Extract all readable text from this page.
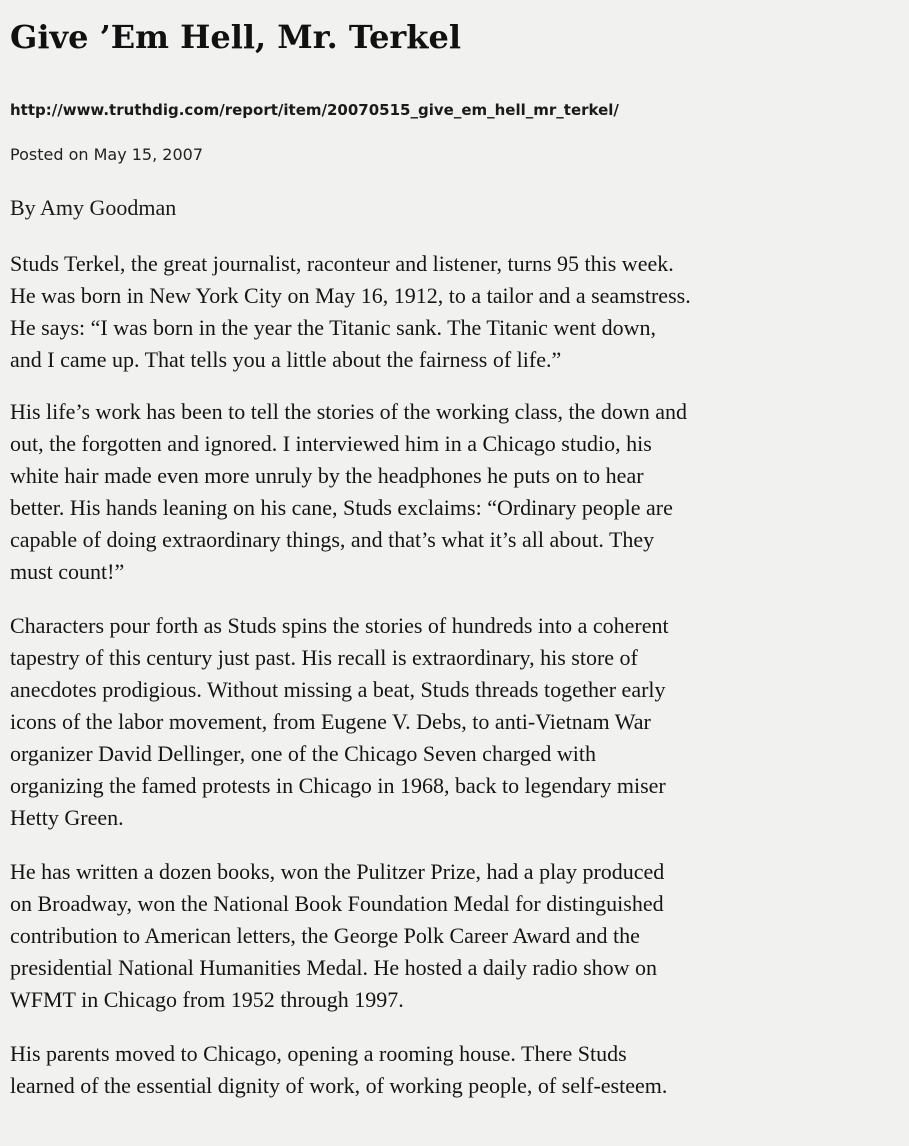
Give ’Em Hell, Mr. Terkel
http://www.truthdig.com/report/item/20070515_give_em_hell_mr_terkel/
Posted on May 15, 2007
By Amy Goodman

Studs Terkel, the great journalist, raconteur and listener, turns 95 this week.
He was born in New York City on May 16, 1912, to a tailor and a seamstress.
He says: “I was born in the year the Titanic sank. The Titanic went down,
and I came up. That tells you a little about the fairness of life.”

His life’s work has been to tell the stories of the working class, the down and
out, the forgotten and ignored. I interviewed him in a Chicago studio, his
white hair made even more unruly by the headphones he puts on to hear
better. His hands leaning on his cane, Studs exclaims: “Ordinary people are
capable of doing extraordinary things, and that’s what it’s all about. They
must count!”

Characters pour forth as Studs spins the stories of hundreds into a coherent
tapestry of this century just past. His recall is extraordinary, his store of
anecdotes prodigious. Without missing a beat, Studs threads together early
icons of the labor movement, from Eugene V. Debs, to anti-Vietnam War
organizer David Dellinger, one of the Chicago Seven charged with
organizing the famed protests in Chicago in 1968, back to legendary miser
Hetty Green.

He has written a dozen books, won the Pulitzer Prize, had a play produced
on Broadway, won the National Book Foundation Medal for distinguished
contribution to American letters, the George Polk Career Award and the
presidential National Humanities Medal. He hosted a daily radio show on
WFMT in Chicago from 1952 through 1997.

His parents moved to Chicago, opening a rooming house. There Studs
learned of the essential dignity of work, of working people, of self-esteem.
